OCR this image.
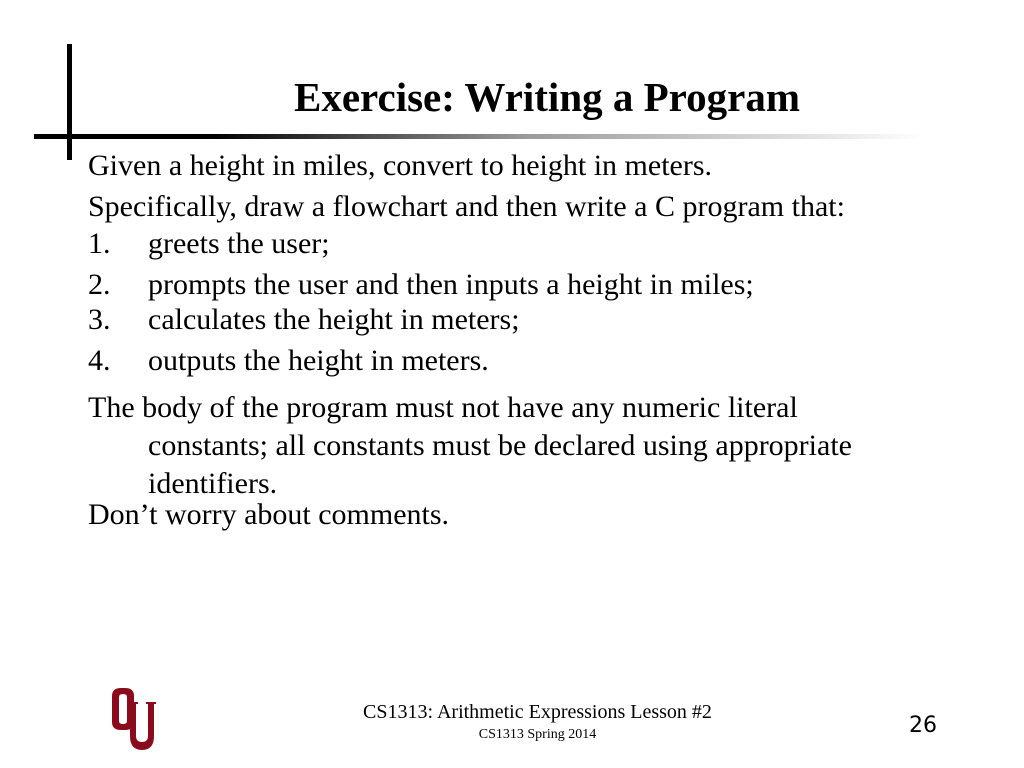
Exercise: Writing a Program
Given a height in miles, convert to height in meters.
Specifically, draw a flowchart and then write a C program that:
1. greets the user;
2. prompts the user and then inputs a height in miles;
3. calculates the height in meters;
4. outputs the height in meters.
The body of the program must not have any numeric literal constants; all constants must be declared using appropriate identifiers.
Don’t worry about comments.
CS1313: Arithmetic Expressions Lesson #2
CS1313 Spring 2014	26
